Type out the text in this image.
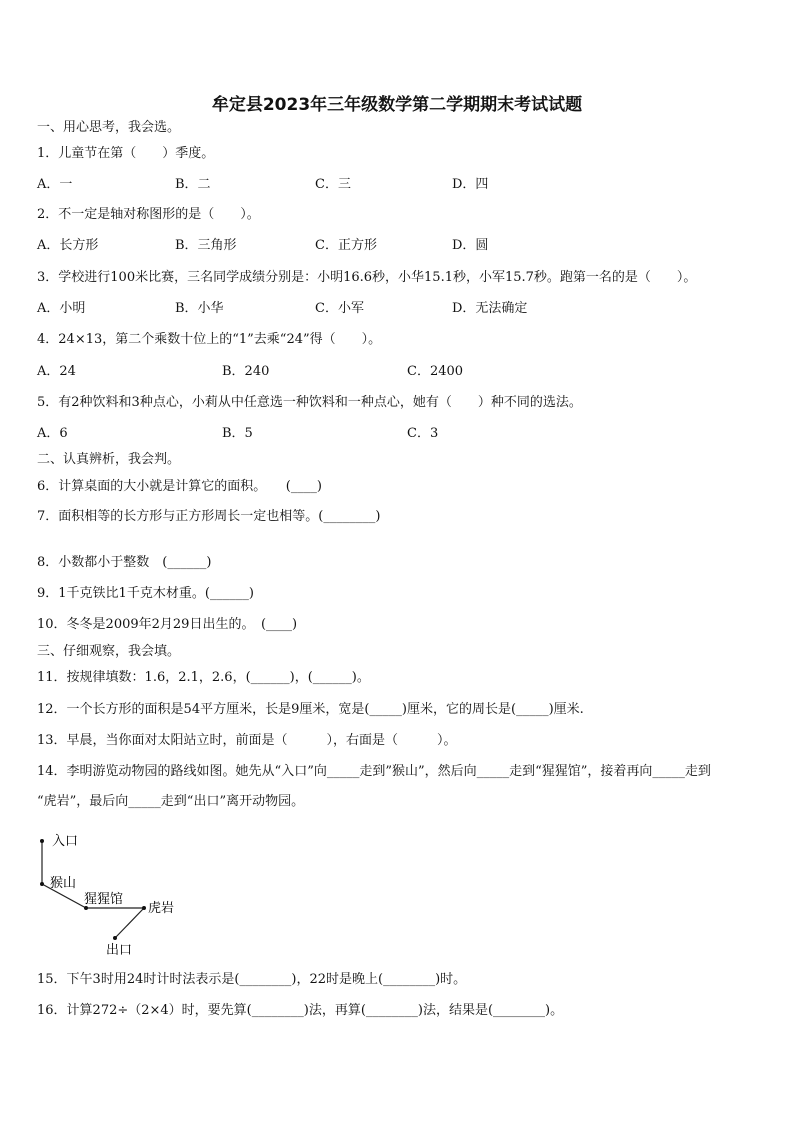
牟定县2023年三年级数学第二学期期末考试试题
一、用心思考，我会选。
1．儿童节在第（　　）季度。
A．一	B．二	C．三	D．四
2．不一定是轴对称图形的是（　　）。
A．长方形	B．三角形	C．正方形	D．圆
3．学校进行100米比赛，三名同学成绩分别是：小明16.6秒，小华15.1秒，小军15.7秒。跑第一名的是（　　）。
A．小明	B．小华	C．小军	D．无法确定
4．24×13，第二个乘数十位上的“1”去乘“24”得（　　）。
A．24	B．240	C．2400
5．有2种饮料和3种点心，小莉从中任意选一种饮料和一种点心，她有（　　）种不同的选法。
A．6	B．5	C．3
二、认真辨析，我会判。
6．计算桌面的大小就是计算它的面积。　　(____)
7．面积相等的长方形与正方形周长一定也相等。(________)
8．小数都小于整数　(______)
9．1千克铁比1千克木材重。(______)
10．冬冬是2009年2月29日出生的。　(____)
三、仔细观察，我会填。
11．按规律填数：1.6，2.1，2.6，(______)，(______)。
12．一个长方形的面积是54平方厘米，长是9厘米，宽是(_____)厘米，它的周长是(_____)厘米.
13．早晨，当你面对太阳站立时，前面是（　　　），右面是（　　　）。
14．李明游览动物园的路线如图。她先从“入口”向_____走到”猴山”，然后向_____走到“猩猩馆”，接着再向_____走到
“虎岩”，最后向_____走到“出口”离开动物园。
入口
猴山
猩猩馆
虎岩
出口
15．下午3时用24时计时法表示是(________)，22时是晚上(________)时。
16．计算272÷（2×4）时，要先算(________)法，再算(________)法，结果是(________)。
